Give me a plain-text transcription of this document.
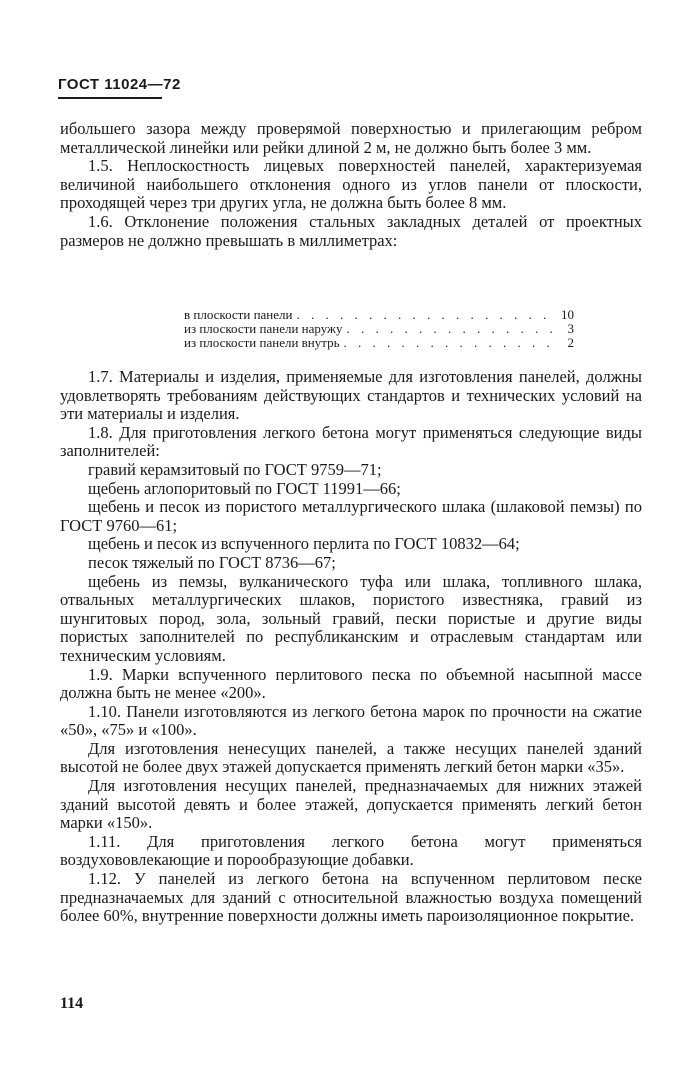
ГОСТ 11024—72

ибольшего зазора между проверямой поверхностью и прилегающим ребром металлической линейки или рейки длиной 2 м, не должно быть более 3 мм.

1.5. Неплоскостность лицевых поверхностей панелей, характеризуемая величиной наибольшего отклонения одного из углов панели от плоскости, проходящей через три других угла, не должна быть более 8 мм.

1.6. Отклонение положения стальных закладных деталей от проектных размеров не должно превышать в миллиметрах:

в плоскости панели . . .	10
из плоскости панели наружу . . .	3
из плоскости панели внутрь . . .	2

1.7. Материалы и изделия, применяемые для изготовления панелей, должны удовлетворять требованиям действующих стандартов и технических условий на эти материалы и изделия.

1.8. Для приготовления легкого бетона могут применяться следующие виды заполнителей:

гравий керамзитовый по ГОСТ 9759—71;

щебень аглопоритовый по ГОСТ 11991—66;

щебень и песок из пористого металлургического шлака (шлаковой пемзы) по ГОСТ 9760—61;

щебень и песок из вспученного перлита по ГОСТ 10832—64;

песок тяжелый по ГОСТ 8736—67;

щебень из пемзы, вулканического туфа или шлака, топливного шлака, отвальных металлургических шлаков, пористого известняка, гравий из шунгитовых пород, зола, зольный гравий, пески пористые и другие виды пористых заполнителей по республиканским и отраслевым стандартам или техническим условиям.

1.9. Марки вспученного перлитового песка по объемной насыпной массе должна быть не менее «200».

1.10. Панели изготовляются из легкого бетона марок по прочности на сжатие «50», «75» и «100».

Для изготовления ненесущих панелей, а также несущих панелей зданий высотой не более двух этажей допускается применять легкий бетон марки «35».

Для изготовления несущих панелей, предназначаемых для нижних этажей зданий высотой девять и более этажей, допускается применять легкий бетон марки «150».

1.11. Для приготовления легкого бетона могут применяться воздухововлекающие и порообразующие добавки.

1.12. У панелей из легкого бетона на вспученном перлитовом песке предназначаемых для зданий с относительной влажностью воздуха помещений более 60%, внутренние поверхности должны иметь пароизоляционное покрытие.

114
